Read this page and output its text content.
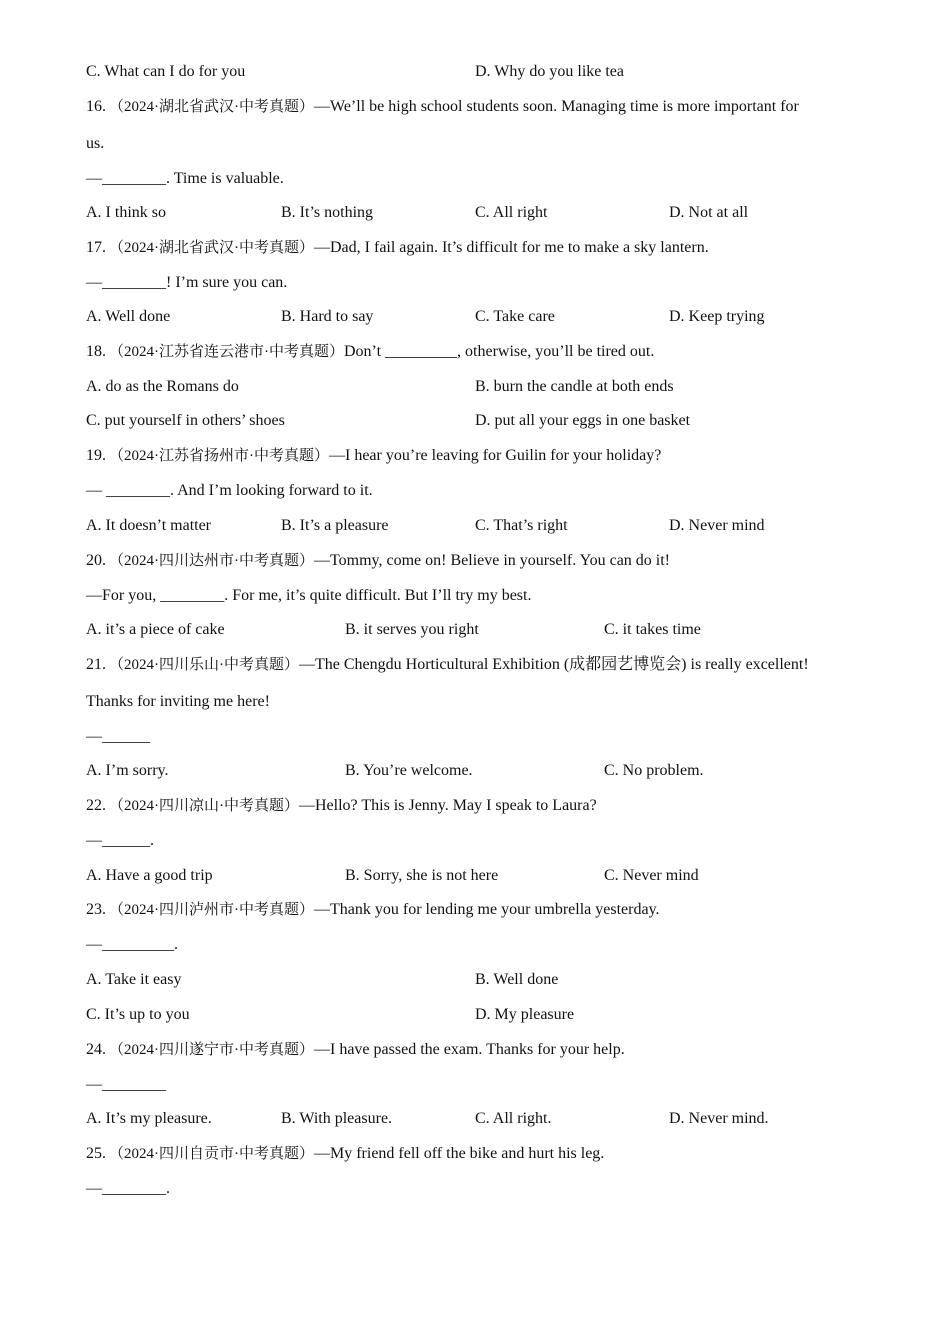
C. What can I do for you	D. Why do you like tea
16. （2024·湖北省武汉·中考真题）—We’ll be high school students soon. Managing time is more important for
us.
—________. Time is valuable.
A. I think so	B. It’s nothing	C. All right	D. Not at all
17. （2024·湖北省武汉·中考真题）—Dad, I fail again. It’s difficult for me to make a sky lantern.
—________! I’m sure you can.
A. Well done	B. Hard to say	C. Take care	D. Keep trying
18. （2024·江苏省连云港市·中考真题）Don’t _________, otherwise, you’ll be tired out.
A. do as the Romans do	B. burn the candle at both ends
C. put yourself in others’ shoes	D. put all your eggs in one basket
19. （2024·江苏省扬州市·中考真题）—I hear you’re leaving for Guilin for your holiday?
— ________. And I’m looking forward to it.
A. It doesn’t matter	B. It’s a pleasure	C. That’s right	D. Never mind
20. （2024·四川达州市·中考真题）—Tommy, come on! Believe in yourself. You can do it!
—For you, ________. For me, it’s quite difficult. But I’ll try my best.
A. it’s a piece of cake	B. it serves you right	C. it takes time
21. （2024·四川乐山·中考真题）—The Chengdu Horticultural Exhibition (成都园艺博览会) is really excellent!
Thanks for inviting me here!
—______
A. I’m sorry.	B. You’re welcome.	C. No problem.
22. （2024·四川凉山·中考真题）—Hello? This is Jenny. May I speak to Laura?
—______.
A. Have a good trip	B. Sorry, she is not here	C. Never mind
23. （2024·四川泸州市·中考真题）—Thank you for lending me your umbrella yesterday.
—_________.
A. Take it easy	B. Well done
C. It’s up to you	D. My pleasure
24. （2024·四川遂宁市·中考真题）—I have passed the exam. Thanks for your help.
—________
A. It’s my pleasure.	B. With pleasure.	C. All right.	D. Never mind.
25. （2024·四川自贡市·中考真题）—My friend fell off the bike and hurt his leg.
—________.
